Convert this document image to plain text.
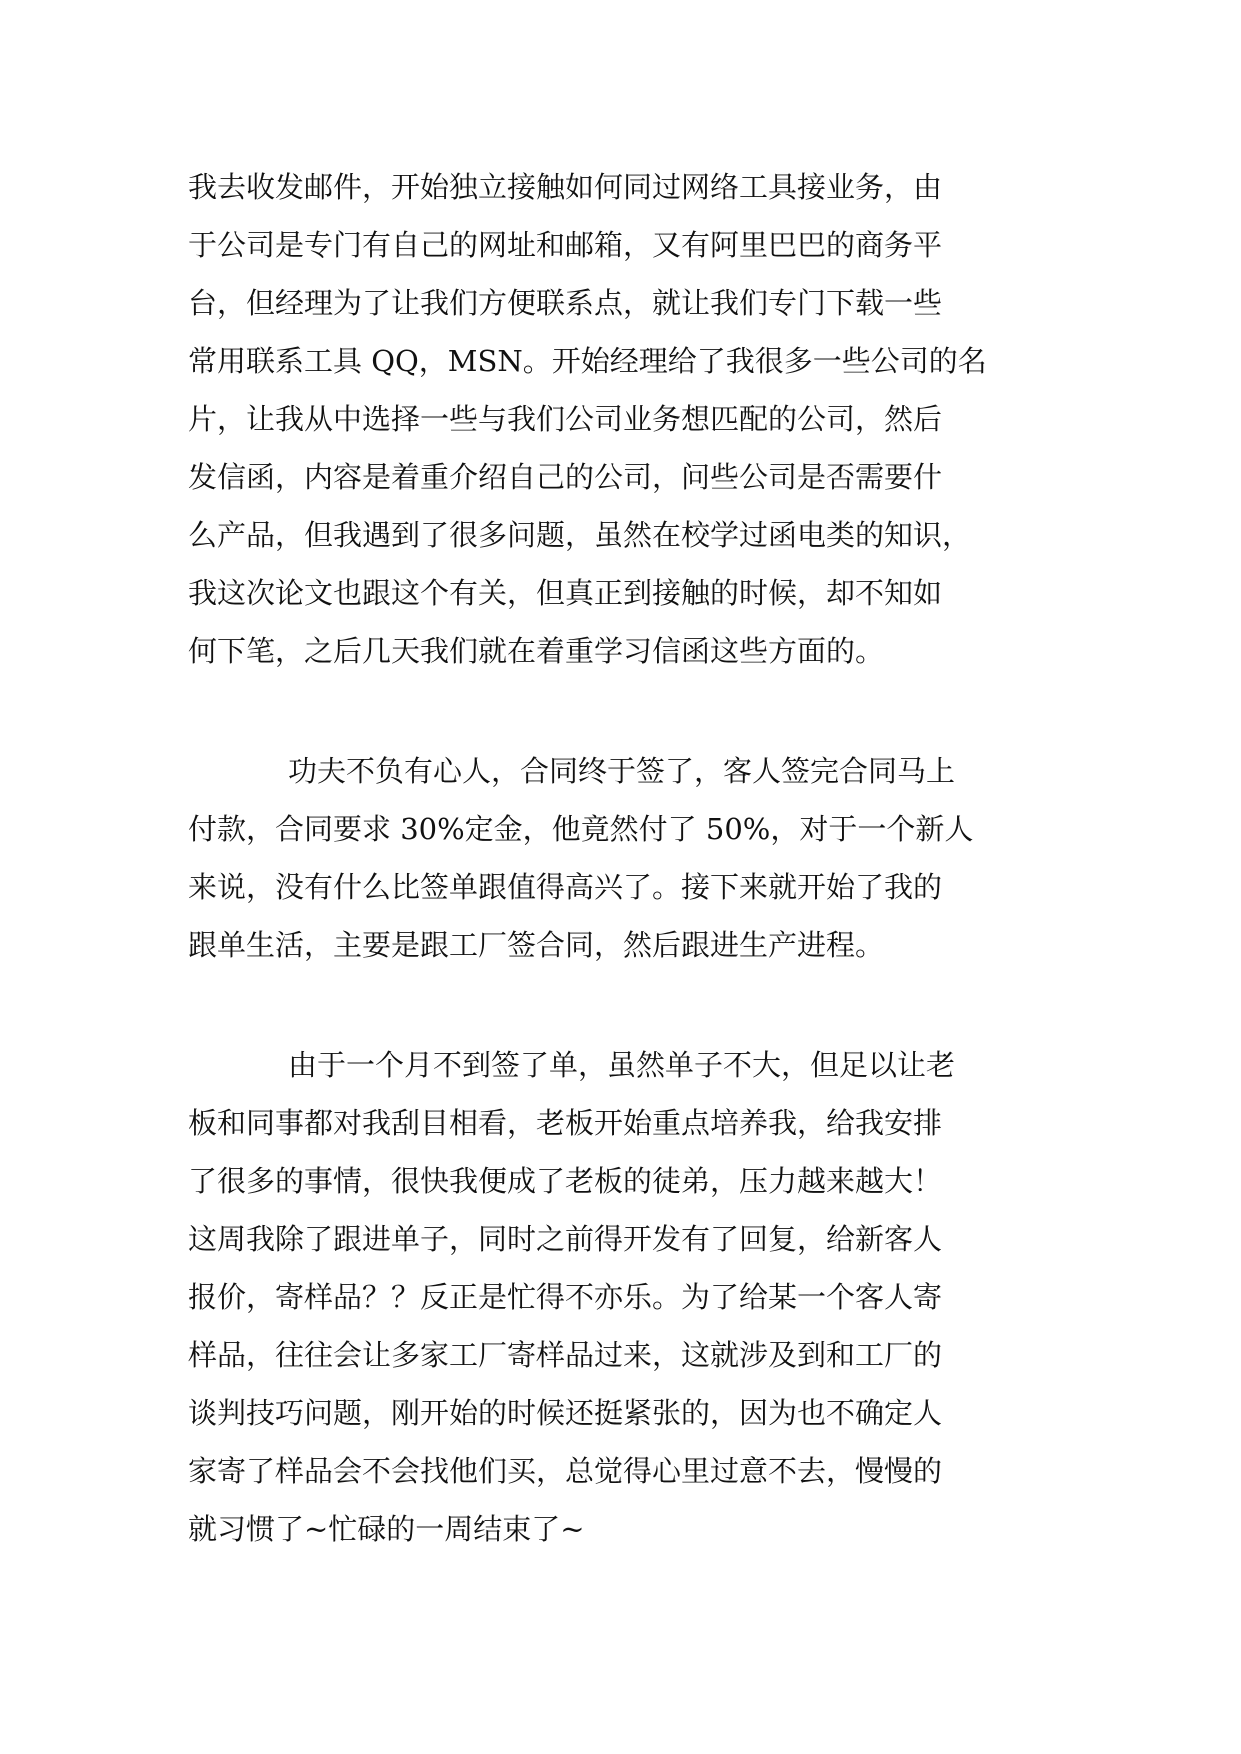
我去收发邮件，开始独立接触如何同过网络工具接业务，由
于公司是专门有自己的网址和邮箱，又有阿里巴巴的商务平
台，但经理为了让我们方便联系点，就让我们专门下载一些
常用联系工具 QQ，MSN。开始经理给了我很多一些公司的名
片，让我从中选择一些与我们公司业务想匹配的公司，然后
发信函，内容是着重介绍自己的公司，问些公司是否需要什
么产品，但我遇到了很多问题，虽然在校学过函电类的知识，
我这次论文也跟这个有关，但真正到接触的时候，却不知如
何下笔，之后几天我们就在着重学习信函这些方面的。
功夫不负有心人，合同终于签了，客人签完合同马上
付款，合同要求 30%定金，他竟然付了 50%，对于一个新人
来说，没有什么比签单跟值得高兴了。接下来就开始了我的
跟单生活，主要是跟工厂签合同，然后跟进生产进程。
由于一个月不到签了单，虽然单子不大，但足以让老
板和同事都对我刮目相看，老板开始重点培养我，给我安排
了很多的事情，很快我便成了老板的徒弟，压力越来越大！
这周我除了跟进单子，同时之前得开发有了回复，给新客人
报价，寄样品？？反正是忙得不亦乐。为了给某一个客人寄
样品，往往会让多家工厂寄样品过来，这就涉及到和工厂的
谈判技巧问题，刚开始的时候还挺紧张的，因为也不确定人
家寄了样品会不会找他们买，总觉得心里过意不去，慢慢的
就习惯了~忙碌的一周结束了~
